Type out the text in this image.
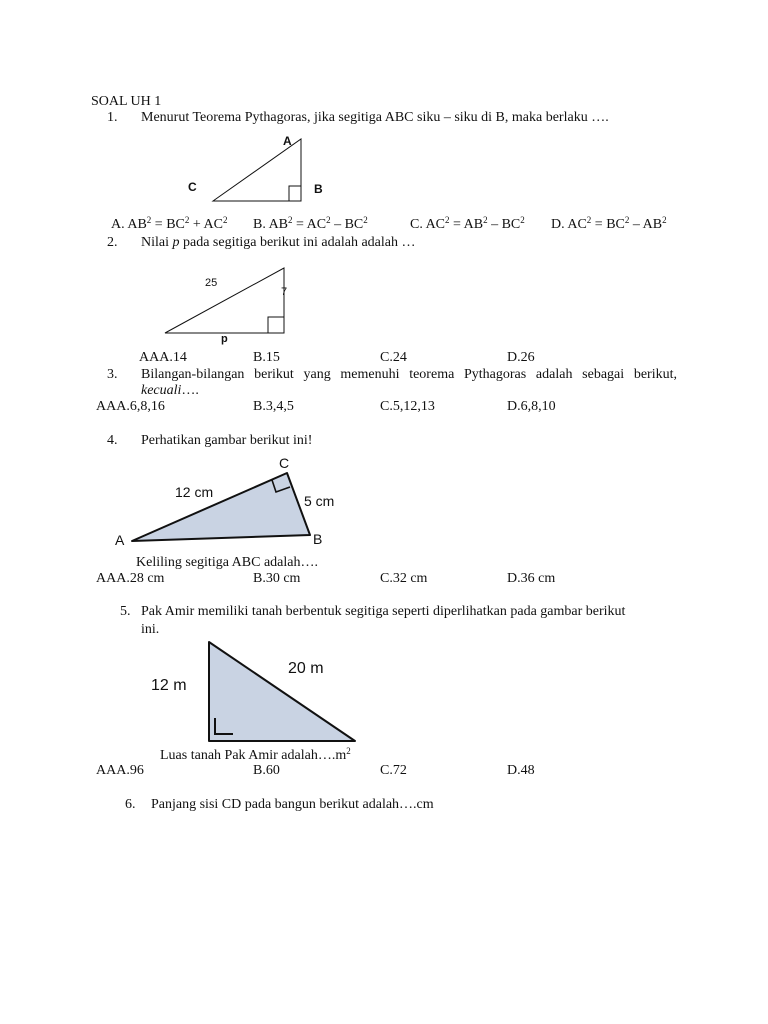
SOAL UH 1
1. Menurut Teorema Pythagoras, jika segitiga ABC siku – siku di B, maka berlaku ….
A
C	B
A. $AB^2 = BC^2 + AC^2$ B. $AB^2 = AC^2 - BC^2$	C. $AC^2 = AB^2 - BC^2$ D. $AC^2 = BC^2 - AB^2$
2. Nilai p pada segitiga berikut ini adalah adalah …
25
7
p
AAA.14	B.15	C.24	D.26
3. Bilangan-bilangan berikut yang memenuhi teorema Pythagoras adalah sebagai berikut,
kecuali….
AAA.6,8,16	B.3,4,5	C.5,12,13	D.6,8,10
4. Perhatikan gambar berikut ini!
C
A	B
12 cm
5 cm
Keliling segitiga ABC adalah….
AAA.28 cm	B.30 cm	C.32 cm	D.36 cm
5. Pak Amir memiliki tanah berbentuk segitiga seperti diperlihatkan pada gambar berikut
ini.
12 m
20 m
Luas tanah Pak Amir $adalah\dots.m^2$
AAA.96	B.60	C.72	D.48
6. Panjang sisi CD pada bangun berikut adalah….cm
